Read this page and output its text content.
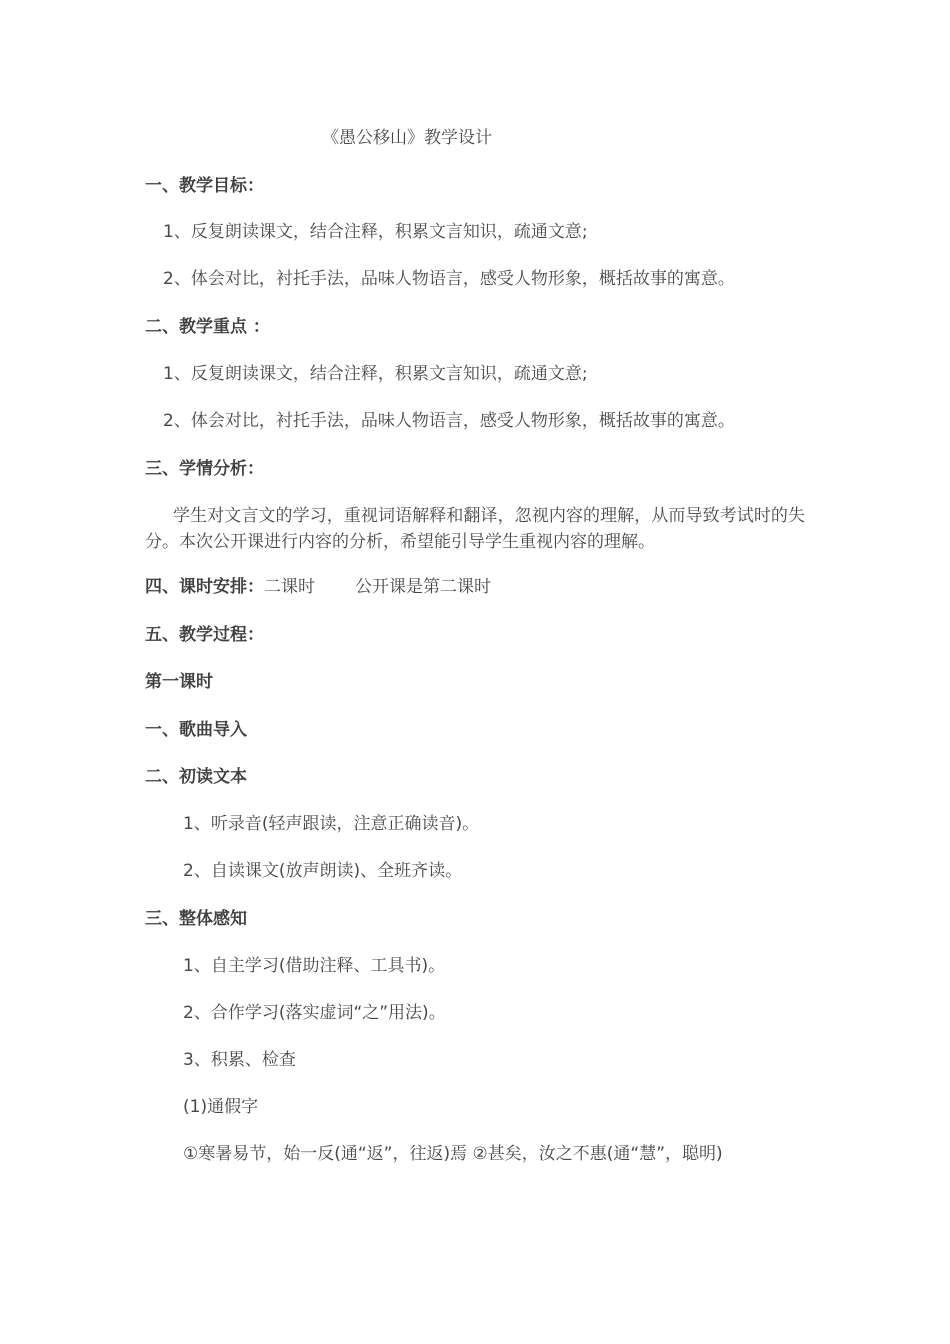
《愚公移山》教学设计
一、教学目标：
1、反复朗读课文，结合注释，积累文言知识，疏通文意;
2、体会对比，衬托手法，品味人物语言，感受人物形象，概括故事的寓意。
二、教学重点 ：
1、反复朗读课文，结合注释，积累文言知识，疏通文意;
2、体会对比，衬托手法，品味人物语言，感受人物形象，概括故事的寓意。
三、学情分析：
学生对文言文的学习，重视词语解释和翻译，忽视内容的理解，从而导致考试时的失分。本次公开课进行内容的分析，希望能引导学生重视内容的理解。
四、课时安排：二课时 公开课是第二课时
五、教学过程：
第一课时
一、歌曲导入
二、初读文本
1、听录音(轻声跟读，注意正确读音)。
2、自读课文(放声朗读)、全班齐读。
三、整体感知
1、自主学习(借助注释、工具书)。
2、合作学习(落实虚词“之”用法)。
3、积累、检查
(1)通假字
①寒暑易节，始一反(通“返”，往返)焉 ②甚矣，汝之不惠(通“慧”，聪明)
